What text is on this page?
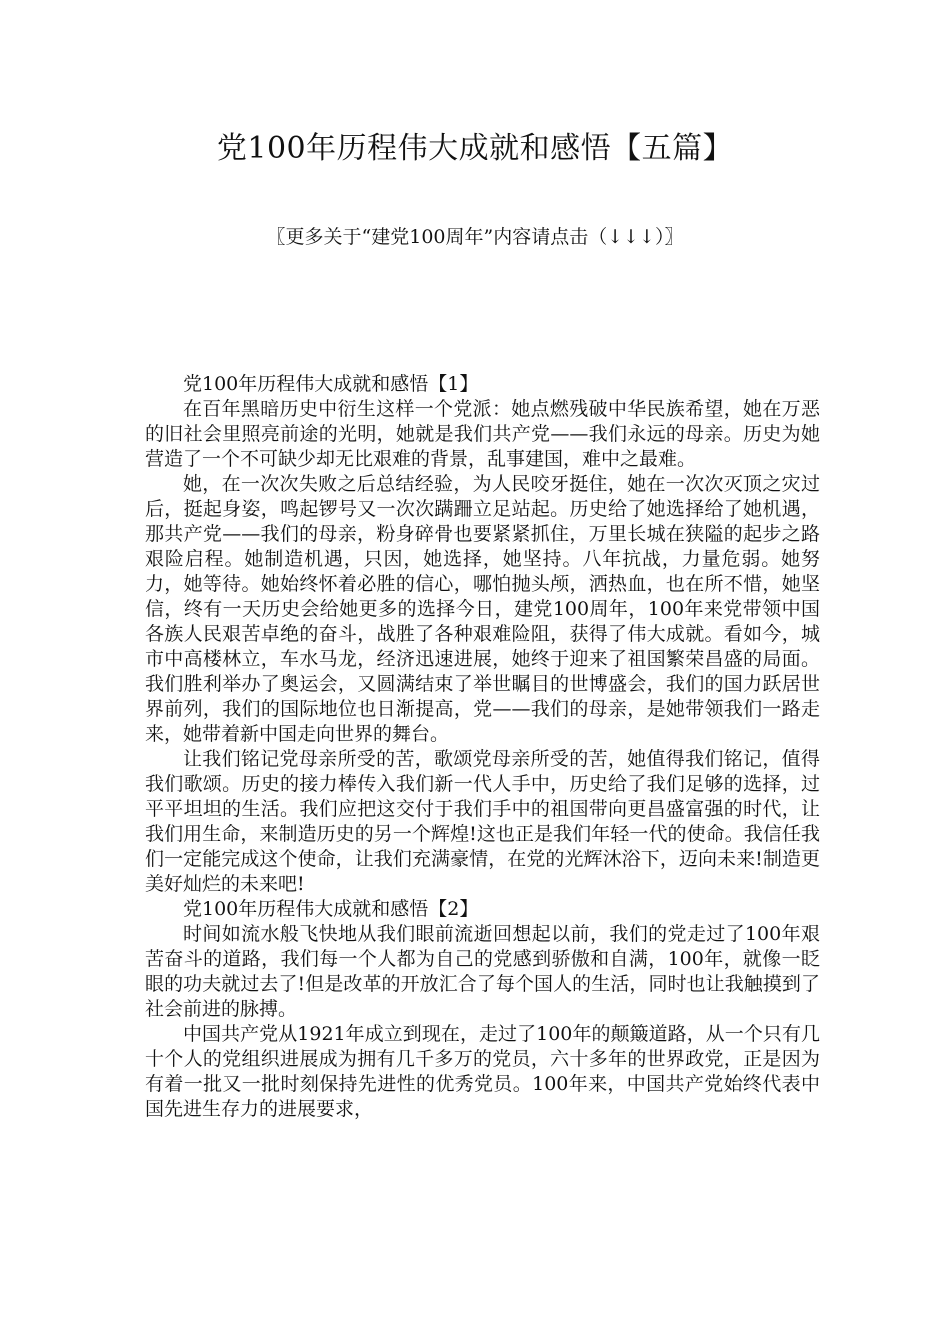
党100年历程伟大成就和感悟【五篇】
〖更多关于“建党100周年”内容请点击（↓↓↓）〗

党100年历程伟大成就和感悟【1】

在百年黑暗历史中衍生这样一个党派：她点燃残破中华民族希望，她在万恶的旧社会里照亮前途的光明，她就是我们共产党——我们永远的母亲。历史为她营造了一个不可缺少却无比艰难的背景，乱事建国，难中之最难。

她，在一次次失败之后总结经验，为人民咬牙挺住，她在一次次灭顶之灾过后，挺起身姿，鸣起锣号又一次次蹒跚立足站起。历史给了她选择给了她机遇，那共产党——我们的母亲，粉身碎骨也要紧紧抓住，万里长城在狭隘的起步之路艰险启程。她制造机遇，只因，她选择，她坚持。八年抗战，力量危弱。她努力，她等待。她始终怀着必胜的信心，哪怕抛头颅，洒热血，也在所不惜，她坚信，终有一天历史会给她更多的选择今日，建党100周年，100年来党带领中国各族人民艰苦卓绝的奋斗，战胜了各种艰难险阻，获得了伟大成就。看如今，城市中高楼林立，车水马龙，经济迅速进展，她终于迎来了祖国繁荣昌盛的局面。我们胜利举办了奥运会，又圆满结束了举世瞩目的世博盛会，我们的国力跃居世界前列，我们的国际地位也日渐提高，党——我们的母亲，是她带领我们一路走来，她带着新中国走向世界的舞台。

让我们铭记党母亲所受的苦，歌颂党母亲所受的苦，她值得我们铭记，值得我们歌颂。历史的接力棒传入我们新一代人手中，历史给了我们足够的选择，过平平坦坦的生活。我们应把这交付于我们手中的祖国带向更昌盛富强的时代，让我们用生命，来制造历史的另一个辉煌!这也正是我们年轻一代的使命。我信任我们一定能完成这个使命，让我们充满豪情，在党的光辉沐浴下，迈向未来!制造更美好灿烂的未来吧!

党100年历程伟大成就和感悟【2】

时间如流水般飞快地从我们眼前流逝回想起以前，我们的党走过了100年艰苦奋斗的道路，我们每一个人都为自己的党感到骄傲和自满，100年，就像一眨眼的功夫就过去了!但是改革的开放汇合了每个国人的生活，同时也让我触摸到了社会前进的脉搏。

中国共产党从1921年成立到现在，走过了100年的颠簸道路，从一个只有几十个人的党组织进展成为拥有几千多万的党员，六十多年的世界政党，正是因为有着一批又一批时刻保持先进性的优秀党员。100年来，中国共产党始终代表中国先进生存力的进展要求，
